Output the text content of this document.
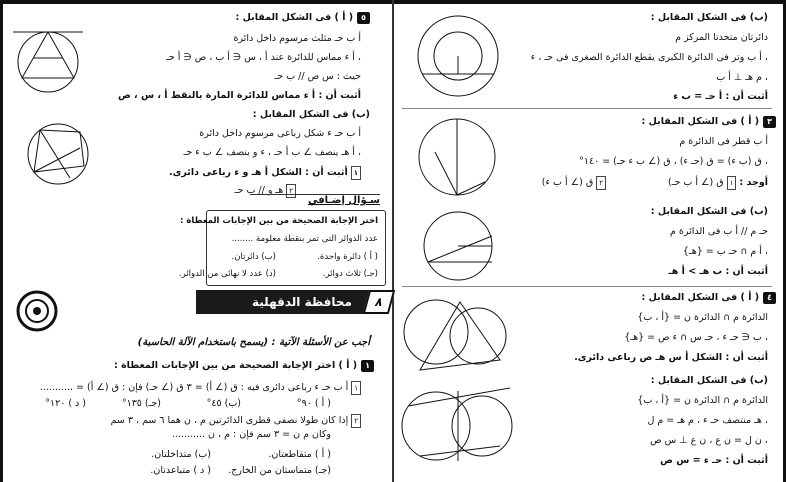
٥( أ ) فى الشكل المقابل :
أ ب حـ مثلث مرسوم داخل دائرة
، أ ء مماس للدائرة عند أ ، س ∈ أ ب ، ص ∈ أ حـ
حيث : س ص // ب حـ
أثبت أن : أ ء مماس للدائرة المارة بالنقط أ ، س ، ص
(ب) فى الشكل المقابل :
أ ب حـ ء شكل رباعى مرسوم داخل دائرة
، أ هـ ينصف ∠ ب أ حـ ، ء و ينصف ∠ ب ء حـ
١أثبت أن : الشكل أ هـ و ء رباعى دائرى.
٢هـ و // ب حـ
سـؤال إضـافي
اختر الإجابة الصحيحة من بين الإجابات المعطاة :
عدد الدوائر التى تمر بنقطة معلومة ........
( أ ) دائرة واحدة.
(ب) دائرتان.
(جـ) ثلاث دوائر.
(د) عدد لا نهائى من الدوائر.
محافظة الدقهلية	٨
أجب عن الأسئلة الآتية : (يسمح باستخدام الآلة الحاسبة)
١( أ ) اختر الإجابة الصحيحة من بين الإجابات المعطاة :
١أ ب حـ ء رباعى دائرى فيه : ق (∠ أ) = ٣ ق (∠ حـ) فإن : ق (∠ أ) = ...........
( أ ) ٩٠°
(ب) ٤٥°
(جـ) ١٣٥°
( د ) ١٢٠°
٢إذا كان طولا نصفى قطرى الدائرتين م ، ن هما ٦ سم ، ٣ سم
وكان م ن = ٣ سم فإن : م ، ن ...........
( أ ) متقاطعتان.
(ب) متداخلتان.
(جـ) متماستان من الخارج.
( د ) متباعدتان.
(ب) فى الشكل المقابل :
دائرتان متحدتا المركز م
، أ ب وتر فى الدائرة الكبرى يقطع الدائرة الصغرى فى حـ ، ء
، م هـ ⊥ أ ب
أثبت أن : أ حـ = ب ء
٣( أ ) فى الشكل المقابل :
أ ب قطر فى الدائرة م
، ق (ب ء) = ق (حـ ء) ، ق (∠ ب ء حـ) = ١٤٠°
أوجد : ١ق (∠ أ ب حـ)
٢ق (∠ أ ب ء)
(ب) فى الشكل المقابل :
حـ م // أ ب فى الدائرة م
، أ م ∩ حـ ب = {هـ}
أثبت أن : ب هـ > أ هـ
٤( أ ) فى الشكل المقابل :
الدائرة م ∩ الدائرة ن = {أ ، ب}
، ب ∈ حـ ء ، حـ س ∩ ء ص = {هـ}
أثبت أن : الشكل أ س هـ ص رباعى دائرى.
(ب) فى الشكل المقابل :
الدائرة م ∩ الدائرة ن = {أ ، ب}
، هـ منتصف حـ ء ، م هـ = م ل
، ن ل = ن ع ، ن ع ⊥ س ص
أثبت أن : حـ ء = س ص
